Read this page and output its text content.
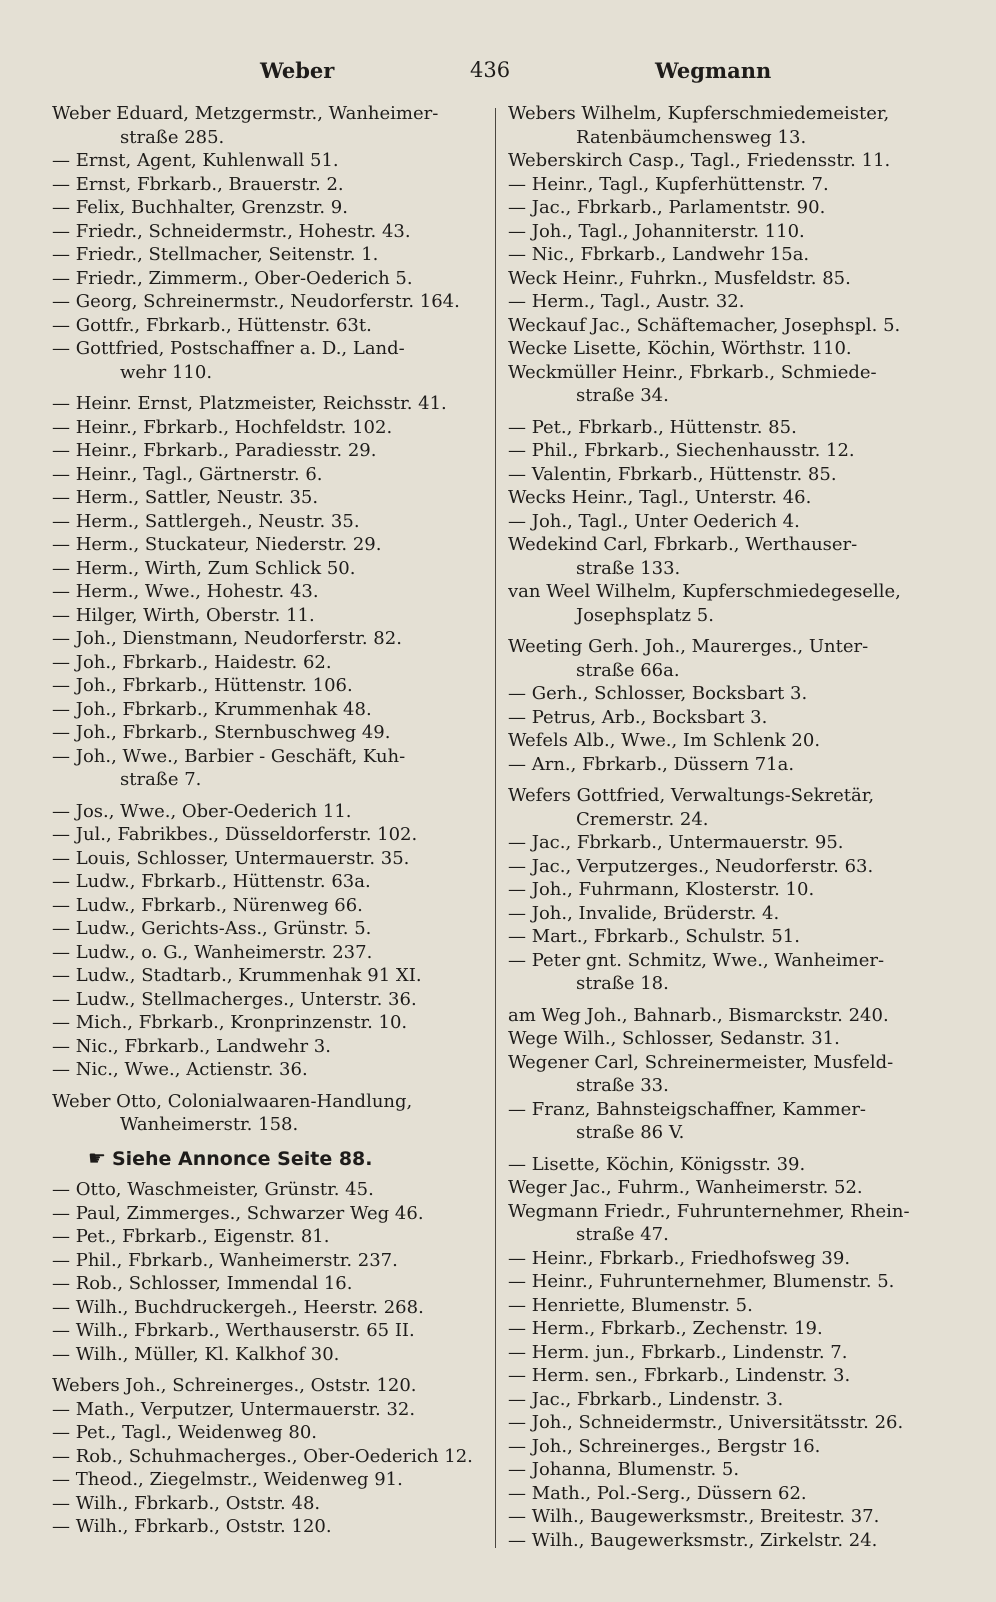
Weber	436	Wegmann
Weber Eduard, Metzgermstr., Wanheimer-
straße 285.
— Ernst, Agent, Kuhlenwall 51.
— Ernst, Fbrkarb., Brauerstr. 2.
— Felix, Buchhalter, Grenzstr. 9.
— Friedr., Schneidermstr., Hohestr. 43.
— Friedr., Stellmacher, Seitenstr. 1.
— Friedr., Zimmerm., Ober-Oederich 5.
— Georg, Schreinermstr., Neudorferstr. 164.
— Gottfr., Fbrkarb., Hüttenstr. 63t.
— Gottfried, Postschaffner a. D., Land-
wehr 110.
— Heinr. Ernst, Platzmeister, Reichsstr. 41.
— Heinr., Fbrkarb., Hochfeldstr. 102.
— Heinr., Fbrkarb., Paradiesstr. 29.
— Heinr., Tagl., Gärtnerstr. 6.
— Herm., Sattler, Neustr. 35.
— Herm., Sattlergeh., Neustr. 35.
— Herm., Stuckateur, Niederstr. 29.
— Herm., Wirth, Zum Schlick 50.
— Herm., Wwe., Hohestr. 43.
— Hilger, Wirth, Oberstr. 11.
— Joh., Dienstmann, Neudorferstr. 82.
— Joh., Fbrkarb., Haidestr. 62.
— Joh., Fbrkarb., Hüttenstr. 106.
— Joh., Fbrkarb., Krummenhak 48.
— Joh., Fbrkarb., Sternbuschweg 49.
— Joh., Wwe., Barbier - Geschäft, Kuh-
straße 7.
— Jos., Wwe., Ober-Oederich 11.
— Jul., Fabrikbes., Düsseldorferstr. 102.
— Louis, Schlosser, Untermauerstr. 35.
— Ludw., Fbrkarb., Hüttenstr. 63a.
— Ludw., Fbrkarb., Nürenweg 66.
— Ludw., Gerichts-Ass., Grünstr. 5.
— Ludw., o. G., Wanheimerstr. 237.
— Ludw., Stadtarb., Krummenhak 91 XI.
— Ludw., Stellmacherges., Unterstr. 36.
— Mich., Fbrkarb., Kronprinzenstr. 10.
— Nic., Fbrkarb., Landwehr 3.
— Nic., Wwe., Actienstr. 36.
Weber Otto, Colonialwaaren-Handlung,
Wanheimerstr. 158.
☛ Siehe Annonce Seite 88.
— Otto, Waschmeister, Grünstr. 45.
— Paul, Zimmerges., Schwarzer Weg 46.
— Pet., Fbrkarb., Eigenstr. 81.
— Phil., Fbrkarb., Wanheimerstr. 237.
— Rob., Schlosser, Immendal 16.
— Wilh., Buchdruckergeh., Heerstr. 268.
— Wilh., Fbrkarb., Werthauserstr. 65 II.
— Wilh., Müller, Kl. Kalkhof 30.
Webers Joh., Schreinerges., Oststr. 120.
— Math., Verputzer, Untermauerstr. 32.
— Pet., Tagl., Weidenweg 80.
— Rob., Schuhmacherges., Ober-Oederich 12.
— Theod., Ziegelmstr., Weidenweg 91.
— Wilh., Fbrkarb., Oststr. 48.
— Wilh., Fbrkarb., Oststr. 120.
Webers Wilhelm, Kupferschmiedemeister,
Ratenbäumchensweg 13.
Weberskirch Casp., Tagl., Friedensstr. 11.
— Heinr., Tagl., Kupferhüttenstr. 7.
— Jac., Fbrkarb., Parlamentstr. 90.
— Joh., Tagl., Johanniterstr. 110.
— Nic., Fbrkarb., Landwehr 15a.
Weck Heinr., Fuhrkn., Musfeldstr. 85.
— Herm., Tagl., Austr. 32.
Weckauf Jac., Schäftemacher, Josephspl. 5.
Wecke Lisette, Köchin, Wörthstr. 110.
Weckmüller Heinr., Fbrkarb., Schmiede-
straße 34.
— Pet., Fbrkarb., Hüttenstr. 85.
— Phil., Fbrkarb., Siechenhausstr. 12.
— Valentin, Fbrkarb., Hüttenstr. 85.
Wecks Heinr., Tagl., Unterstr. 46.
— Joh., Tagl., Unter Oederich 4.
Wedekind Carl, Fbrkarb., Werthauser-
straße 133.
van Weel Wilhelm, Kupferschmiedegeselle,
Josephsplatz 5.
Weeting Gerh. Joh., Maurerges., Unter-
straße 66a.
— Gerh., Schlosser, Bocksbart 3.
— Petrus, Arb., Bocksbart 3.
Wefels Alb., Wwe., Im Schlenk 20.
— Arn., Fbrkarb., Düssern 71a.
Wefers Gottfried, Verwaltungs-Sekretär,
Cremerstr. 24.
— Jac., Fbrkarb., Untermauerstr. 95.
— Jac., Verputzerges., Neudorferstr. 63.
— Joh., Fuhrmann, Klosterstr. 10.
— Joh., Invalide, Brüderstr. 4.
— Mart., Fbrkarb., Schulstr. 51.
— Peter gnt. Schmitz, Wwe., Wanheimer-
straße 18.
am Weg Joh., Bahnarb., Bismarckstr. 240.
Wege Wilh., Schlosser, Sedanstr. 31.
Wegener Carl, Schreinermeister, Musfeld-
straße 33.
— Franz, Bahnsteigschaffner, Kammer-
straße 86 V.
— Lisette, Köchin, Königsstr. 39.
Weger Jac., Fuhrm., Wanheimerstr. 52.
Wegmann Friedr., Fuhrunternehmer, Rhein-
straße 47.
— Heinr., Fbrkarb., Friedhofsweg 39.
— Heinr., Fuhrunternehmer, Blumenstr. 5.
— Henriette, Blumenstr. 5.
— Herm., Fbrkarb., Zechenstr. 19.
— Herm. jun., Fbrkarb., Lindenstr. 7.
— Herm. sen., Fbrkarb., Lindenstr. 3.
— Jac., Fbrkarb., Lindenstr. 3.
— Joh., Schneidermstr., Universitätsstr. 26.
— Joh., Schreinerges., Bergstr 16.
— Johanna, Blumenstr. 5.
— Math., Pol.-Serg., Düssern 62.
— Wilh., Baugewerksmstr., Breitestr. 37.
— Wilh., Baugewerksmstr., Zirkelstr. 24.
